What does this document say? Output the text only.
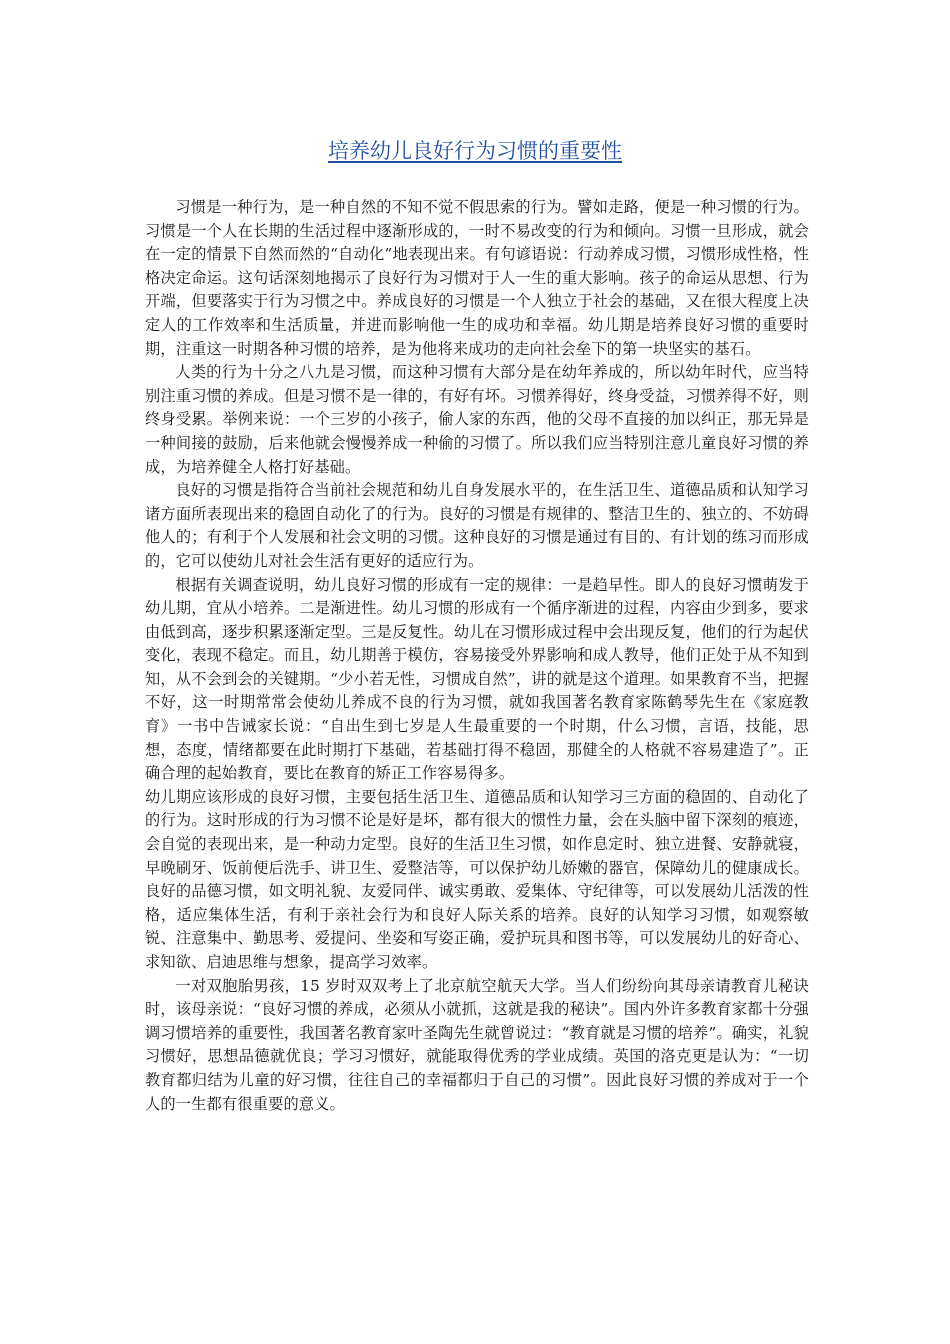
培养幼儿良好行为习惯的重要性

习惯是一种行为，是一种自然的不知不觉不假思索的行为。譬如走路，便是一种习惯的行为。习惯是一个人在长期的生活过程中逐渐形成的，一时不易改变的行为和倾向。习惯一旦形成，就会在一定的情景下自然而然的“自动化”地表现出来。有句谚语说：行动养成习惯，习惯形成性格，性格决定命运。这句话深刻地揭示了良好行为习惯对于人一生的重大影响。孩子的命运从思想、行为开端，但要落实于行为习惯之中。养成良好的习惯是一个人独立于社会的基础，又在很大程度上决定人的工作效率和生活质量，并进而影响他一生的成功和幸福。幼儿期是培养良好习惯的重要时期，注重这一时期各种习惯的培养，是为他将来成功的走向社会垒下的第一块坚实的基石。

人类的行为十分之八九是习惯，而这种习惯有大部分是在幼年养成的，所以幼年时代，应当特别注重习惯的养成。但是习惯不是一律的，有好有坏。习惯养得好，终身受益，习惯养得不好，则终身受累。举例来说：一个三岁的小孩子，偷人家的东西，他的父母不直接的加以纠正，那无异是一种间接的鼓励，后来他就会慢慢养成一种偷的习惯了。所以我们应当特别注意儿童良好习惯的养成，为培养健全人格打好基础。

良好的习惯是指符合当前社会规范和幼儿自身发展水平的，在生活卫生、道德品质和认知学习诸方面所表现出来的稳固自动化了的行为。良好的习惯是有规律的、整洁卫生的、独立的、不妨碍他人的；有利于个人发展和社会文明的习惯。这种良好的习惯是通过有目的、有计划的练习而形成的，它可以使幼儿对社会生活有更好的适应行为。

根据有关调查说明，幼儿良好习惯的形成有一定的规律：一是趋早性。即人的良好习惯萌发于幼儿期，宜从小培养。二是渐进性。幼儿习惯的形成有一个循序渐进的过程，内容由少到多，要求由低到高，逐步积累逐渐定型。三是反复性。幼儿在习惯形成过程中会出现反复，他们的行为起伏变化，表现不稳定。而且，幼儿期善于模仿，容易接受外界影响和成人教导，他们正处于从不知到知，从不会到会的关键期。“少小若无性，习惯成自然”，讲的就是这个道理。如果教育不当，把握不好，这一时期常常会使幼儿养成不良的行为习惯，就如我国著名教育家陈鹤琴先生在《家庭教育》一书中告诫家长说：“自出生到七岁是人生最重要的一个时期，什么习惯，言语，技能，思想，态度，情绪都要在此时期打下基础，若基础打得不稳固，那健全的人格就不容易建造了”。正确合理的起始教育，要比在教育的矫正工作容易得多。

幼儿期应该形成的良好习惯，主要包括生活卫生、道德品质和认知学习三方面的稳固的、自动化了的行为。这时形成的行为习惯不论是好是坏，都有很大的惯性力量，会在头脑中留下深刻的痕迹，会自觉的表现出来，是一种动力定型。良好的生活卫生习惯，如作息定时、独立进餐、安静就寝，早晚刷牙、饭前便后洗手、讲卫生、爱整洁等，可以保护幼儿娇嫩的器官，保障幼儿的健康成长。良好的品德习惯，如文明礼貌、友爱同伴、诚实勇敢、爱集体、守纪律等，可以发展幼儿活泼的性格，适应集体生活，有利于亲社会行为和良好人际关系的培养。良好的认知学习习惯，如观察敏锐、注意集中、勤思考、爱提问、坐姿和写姿正确，爱护玩具和图书等，可以发展幼儿的好奇心、求知欲、启迪思维与想象，提高学习效率。

一对双胞胎男孩，15 岁时双双考上了北京航空航天大学。当人们纷纷向其母亲请教育儿秘诀时，该母亲说：“良好习惯的养成，必须从小就抓，这就是我的秘诀”。国内外许多教育家都十分强调习惯培养的重要性，我国著名教育家叶圣陶先生就曾说过：“教育就是习惯的培养”。确实，礼貌习惯好，思想品德就优良；学习习惯好，就能取得优秀的学业成绩。英国的洛克更是认为：“一切教育都归结为儿童的好习惯，往往自己的幸福都归于自己的习惯”。因此良好习惯的养成对于一个人的一生都有很重要的意义。
